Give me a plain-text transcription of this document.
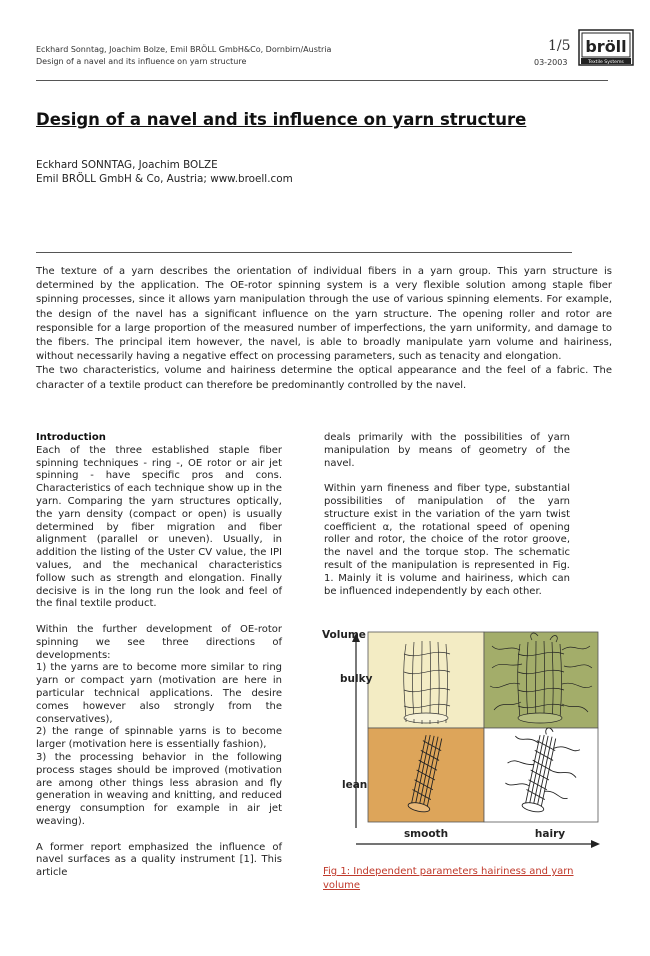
Eckhard Sonntag, Joachim Bolze, Emil BRÖLL GmbH&Co, Dornbirn/Austria
Design of a navel and its influence on yarn structure
1/5
03-2003
bröll
Textile Systems
Design of a navel and its influence on yarn structure
Eckhard SONNTAG, Joachim BOLZE
Emil BRÖLL GmbH & Co, Austria; www.broell.com

The texture of a yarn describes the orientation of individual fibers in a yarn group. This yarn structure is determined by the application. The OE-rotor spinning system is a very flexible solution among staple fiber spinning processes, since it allows yarn manipulation through the use of various spinning elements. For example, the design of the navel has a significant influence on the yarn structure. The opening roller and rotor are responsible for a large proportion of the measured number of imperfections, the yarn uniformity, and damage to the fibers. The principal item however, the navel, is able to broadly manipulate yarn volume and hairiness, without necessarily having a negative effect on processing parameters, such as tenacity and elongation.

The two characteristics, volume and hairiness determine the optical appearance and the feel of a fabric. The character of a textile product can therefore be predominantly controlled by the navel.

Introduction

Each of the three established staple fiber spinning techniques - ring -, OE rotor or air jet spinning - have specific pros and cons. Characteristics of each technique show up in the yarn. Comparing the yarn structures optically, the yarn density (compact or open) is usually determined by fiber migration and fiber alignment (parallel or uneven). Usually, in addition the listing of the Uster CV value, the IPI values, and the mechanical characteristics follow such as strength and elongation. Finally decisive is in the long run the look and feel of the final textile product.

Within the further development of OE-rotor spinning we see three directions of developments:
1) the yarns are to become more similar to ring yarn or compact yarn (motivation are here in particular technical applications. The desire comes however also strongly from the conservatives),
2) the range of spinnable yarns is to become larger (motivation here is essentially fashion),

3) the processing behavior in the following process stages should be improved (motivation are among other things less abrasion and fly generation in weaving and knitting, and reduced energy consumption for example in air jet weaving).

A former report emphasized the influence of navel surfaces as a quality instrument [1]. This article

deals primarily with the possibilities of yarn manipulation by means of geometry of the navel.

Within yarn fineness and fiber type, substantial possibilities of manipulation of the yarn structure exist in the variation of the yarn twist coefficient α, the rotational speed of opening roller and rotor, the choice of the rotor groove, the navel and the torque stop. The schematic result of the manipulation is represented in Fig. 1. Mainly it is volume and hairiness, which can be influenced independently by each other.

Volume
bulky
lean
smooth	hairy
Fig 1: Independent parameters hairiness and yarn volume
